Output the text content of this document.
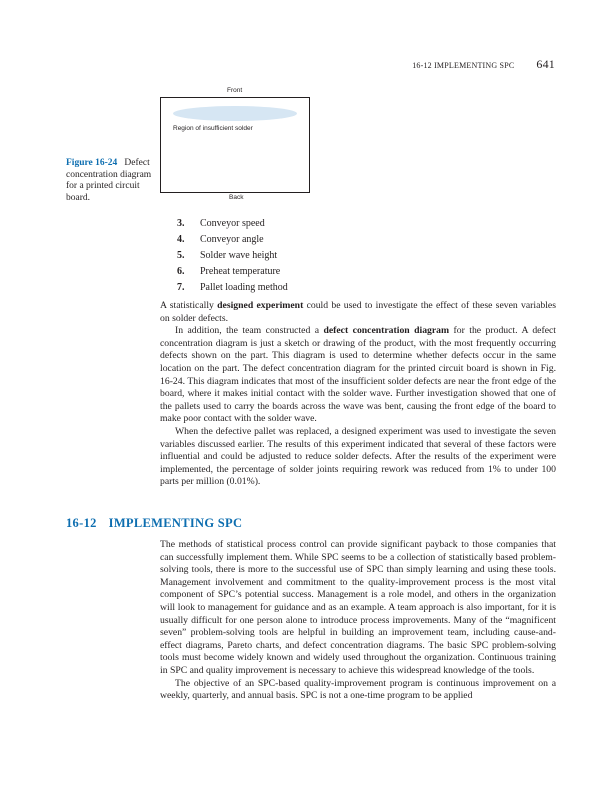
16-12 IMPLEMENTING SPC 641
Front
Region of insufficient solder
Back
Figure 16-24 Defect concentration diagram for a printed circuit board.
3.	Conveyor speed
4.	Conveyor angle
5.	Solder wave height
6.	Preheat temperature
7.	Pallet loading method

A statistically designed experiment could be used to investigate the effect of these seven variables on solder defects.

In addition, the team constructed a defect concentration diagram for the product. A defect concentration diagram is just a sketch or drawing of the product, with the most frequently occurring defects shown on the part. This diagram is used to determine whether defects occur in the same location on the part. The defect concentration diagram for the printed circuit board is shown in Fig. 16-24. This diagram indicates that most of the insufficient solder defects are near the front edge of the board, where it makes initial contact with the solder wave. Further investigation showed that one of the pallets used to carry the boards across the wave was bent, causing the front edge of the board to make poor contact with the solder wave.

When the defective pallet was replaced, a designed experiment was used to investigate the seven variables discussed earlier. The results of this experiment indicated that several of these factors were influential and could be adjusted to reduce solder defects. After the results of the experiment were implemented, the percentage of solder joints requiring rework was reduced from 1% to under 100 parts per million (0.01%).

16-12 IMPLEMENTING SPC

The methods of statistical process control can provide significant payback to those companies that can successfully implement them. While SPC seems to be a collection of statistically based problem-solving tools, there is more to the successful use of SPC than simply learning and using these tools. Management involvement and commitment to the quality-improvement process is the most vital component of SPC’s potential success. Management is a role model, and others in the organization will look to management for guidance and as an example. A team approach is also important, for it is usually difficult for one person alone to introduce process improvements. Many of the “magnificent seven” problem-solving tools are helpful in building an improvement team, including cause-and-effect diagrams, Pareto charts, and defect concentration diagrams. The basic SPC problem-solving tools must become widely known and widely used throughout the organization. Continuous training in SPC and quality improvement is necessary to achieve this widespread knowledge of the tools.

The objective of an SPC-based quality-improvement program is continuous improvement on a weekly, quarterly, and annual basis. SPC is not a one-time program to be applied
